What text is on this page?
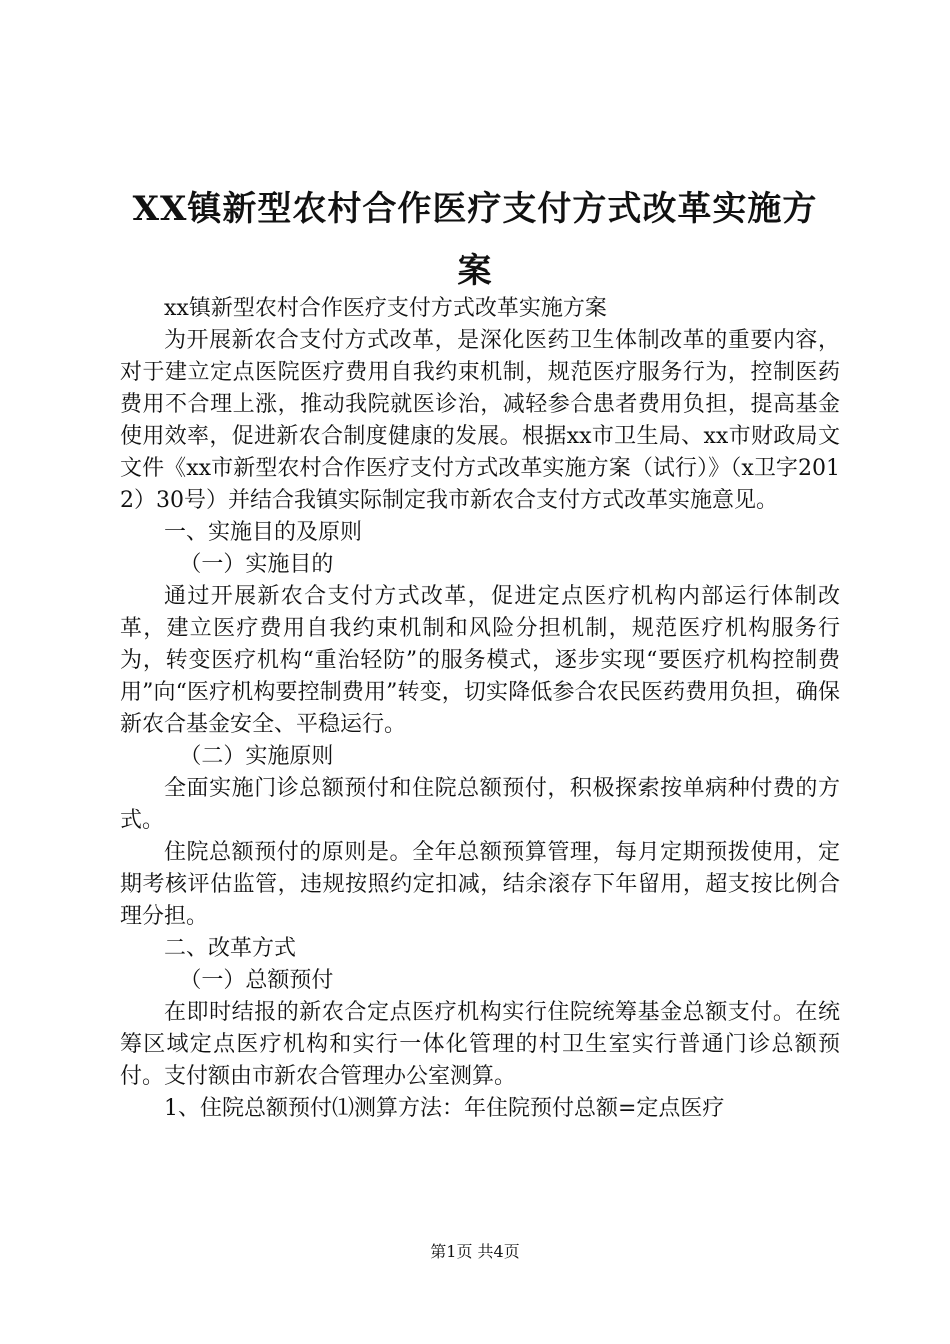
XX镇新型农村合作医疗支付方式改革实施方
案

xx镇新型农村合作医疗支付方式改革实施方案

为开展新农合支付方式改革，是深化医药卫生体制改革的重要内容，对于建立定点医院医疗费用自我约束机制，规范医疗服务行为，控制医药费用不合理上涨，推动我院就医诊治，减轻参合患者费用负担，提高基金使用效率，促进新农合制度健康的发展。根据xx市卫生局、xx市财政局文文件《xx市新型农村合作医疗支付方式改革实施方案（试行）》（x卫字2012）30号）并结合我镇实际制定我市新农合支付方式改革实施意见。

一、实施目的及原则

（一）实施目的

通过开展新农合支付方式改革，促进定点医疗机构内部运行体制改革，建立医疗费用自我约束机制和风险分担机制，规范医疗机构服务行为，转变医疗机构“重治轻防”的服务模式，逐步实现“要医疗机构控制费用”向“医疗机构要控制费用”转变，切实降低参合农民医药费用负担，确保新农合基金安全、平稳运行。

（二）实施原则

全面实施门诊总额预付和住院总额预付，积极探索按单病种付费的方式。

住院总额预付的原则是。全年总额预算管理，每月定期预拨使用，定期考核评估监管，违规按照约定扣减，结余滚存下年留用，超支按比例合理分担。

二、改革方式

（一）总额预付

在即时结报的新农合定点医疗机构实行住院统筹基金总额支付。在统筹区域定点医疗机构和实行一体化管理的村卫生室实行普通门诊总额预付。支付额由市新农合管理办公室测算。

1、住院总额预付⑴测算方法：年住院预付总额=定点医疗

第1页 共4页
